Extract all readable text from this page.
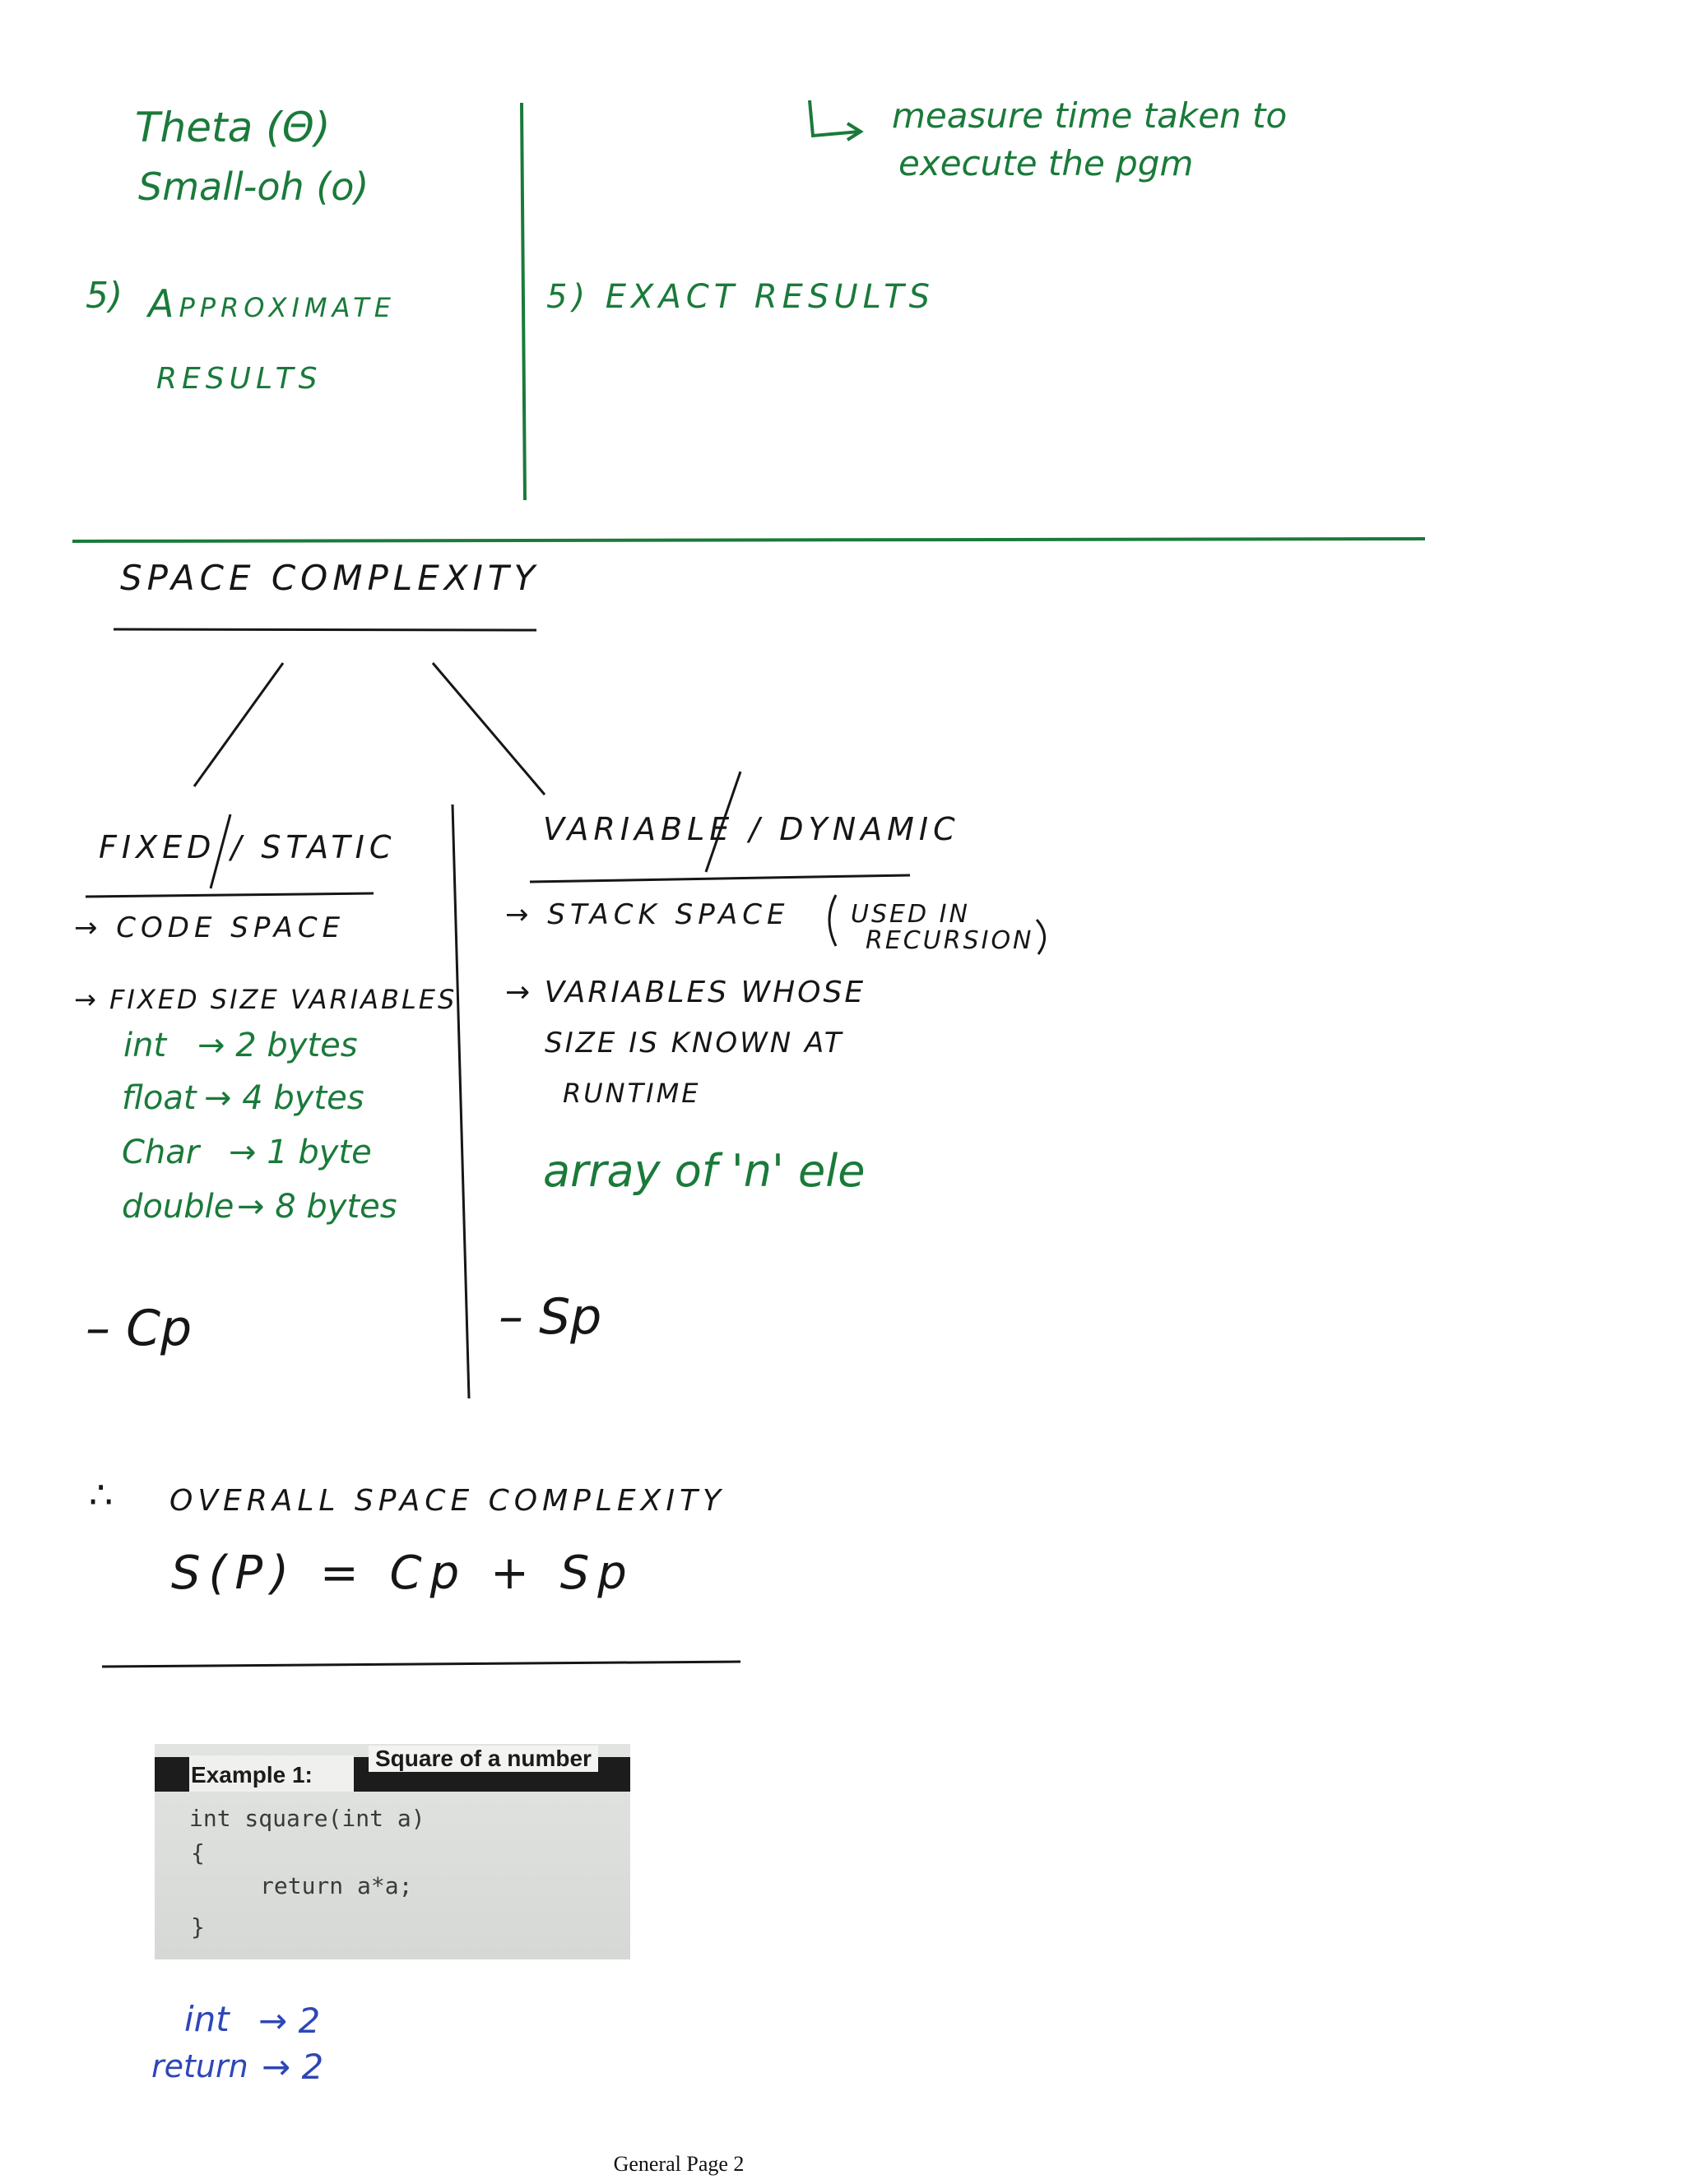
Theta (Θ)
Small-oh (o)
5) Approximate
RESULTS
measure time taken to
execute the pgm
5) EXACT RESULTS
SPACE COMPLEXITY
FIXED / STATIC
→ CODE SPACE
→ FIXED SIZE VARIABLES
int → 2 bytes
float → 4 bytes
Char → 1 byte
double → 8 bytes
– Cp
VARIABLE / DYNAMIC
→ STACK SPACE USED IN
RECURSION
→ VARIABLES WHOSE
SIZE IS KNOWN AT
RUNTIME
array of 'n' ele
– Sp
∴ OVERALL SPACE COMPLEXITY
S(P) = Cp + Sp
Example 1:
Square of a number
int square(int a)
{
return a*a;
}
int → 2
return → 2
General Page 2
